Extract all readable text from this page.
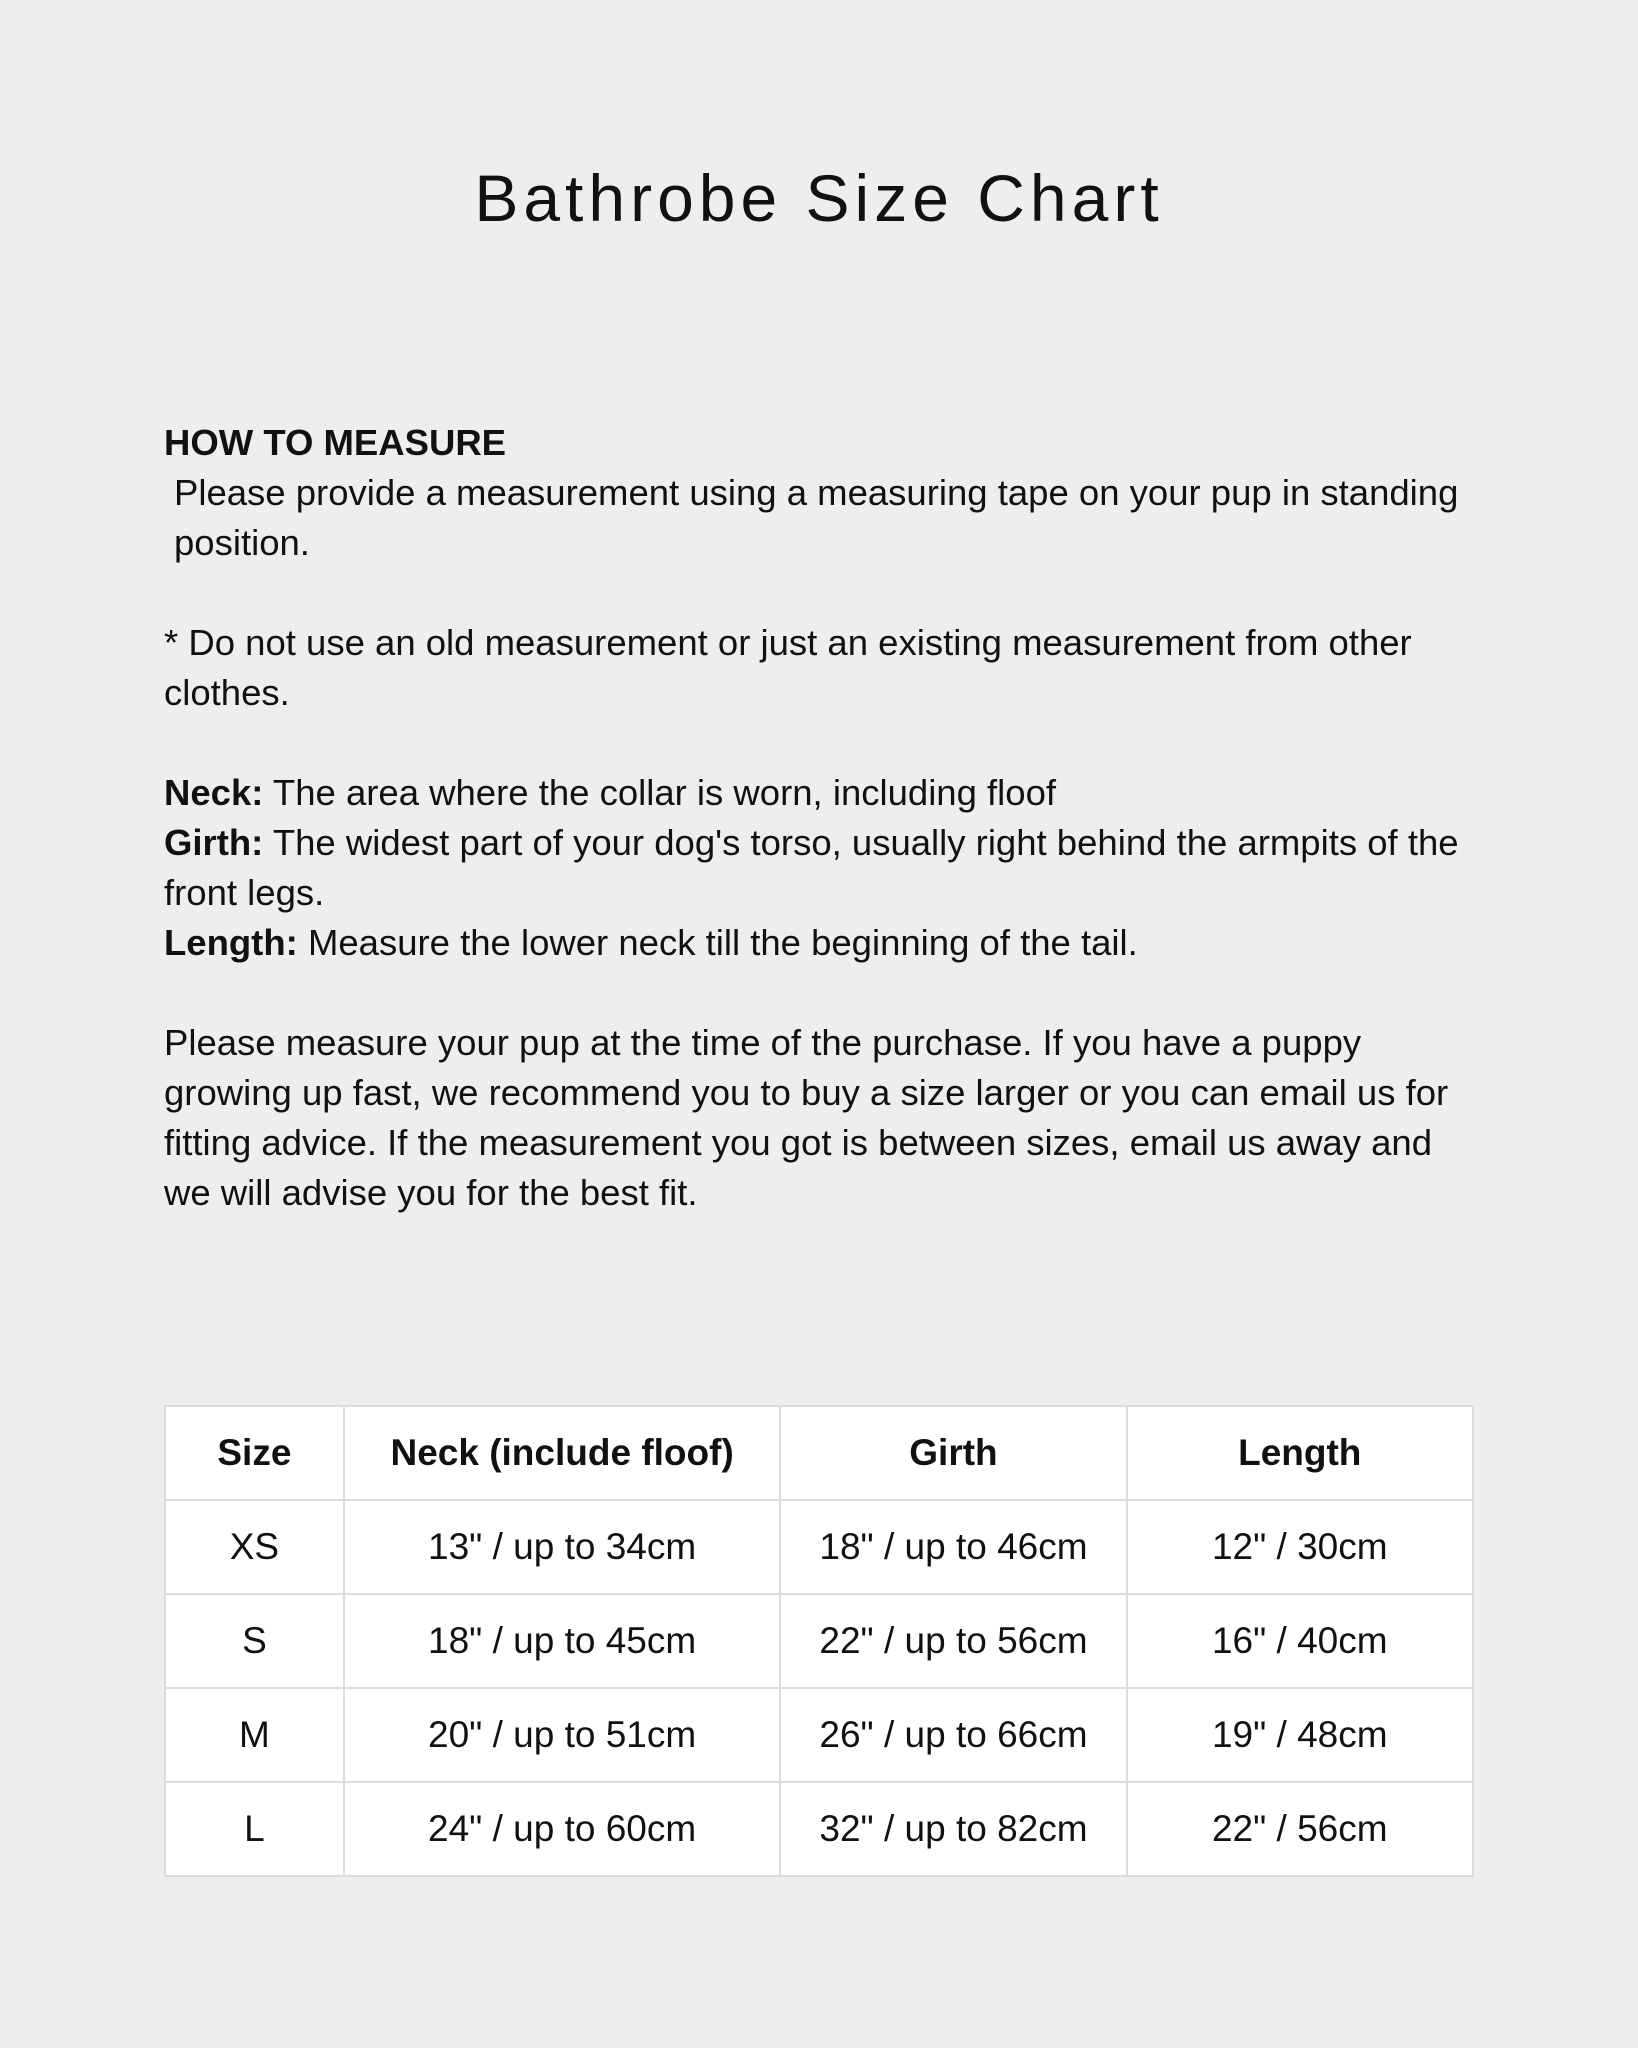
Bathrobe Size Chart

HOW TO MEASURE

Please provide a measurement using a measuring tape on your pup in standing position.

* Do not use an old measurement or just an existing measurement from other clothes.

Neck: The area where the collar is worn, including floof

Girth: The widest part of your dog's torso, usually right behind the armpits of the front legs.

Length: Measure the lower neck till the beginning of the tail.

Please measure your pup at the time of the purchase. If you have a puppy growing up fast, we recommend you to buy a size larger or you can email us for fitting advice. If the measurement you got is between sizes, email us away and we will advise you for the best fit.

Size	Neck (include floof)	Girth	Length
XS	13" / up to 34cm	18" / up to 46cm	12" / 30cm
S	18" / up to 45cm	22" / up to 56cm	16" / 40cm
M	20" / up to 51cm	26" / up to 66cm	19" / 48cm
L	24" / up to 60cm	32" / up to 82cm	22" / 56cm
